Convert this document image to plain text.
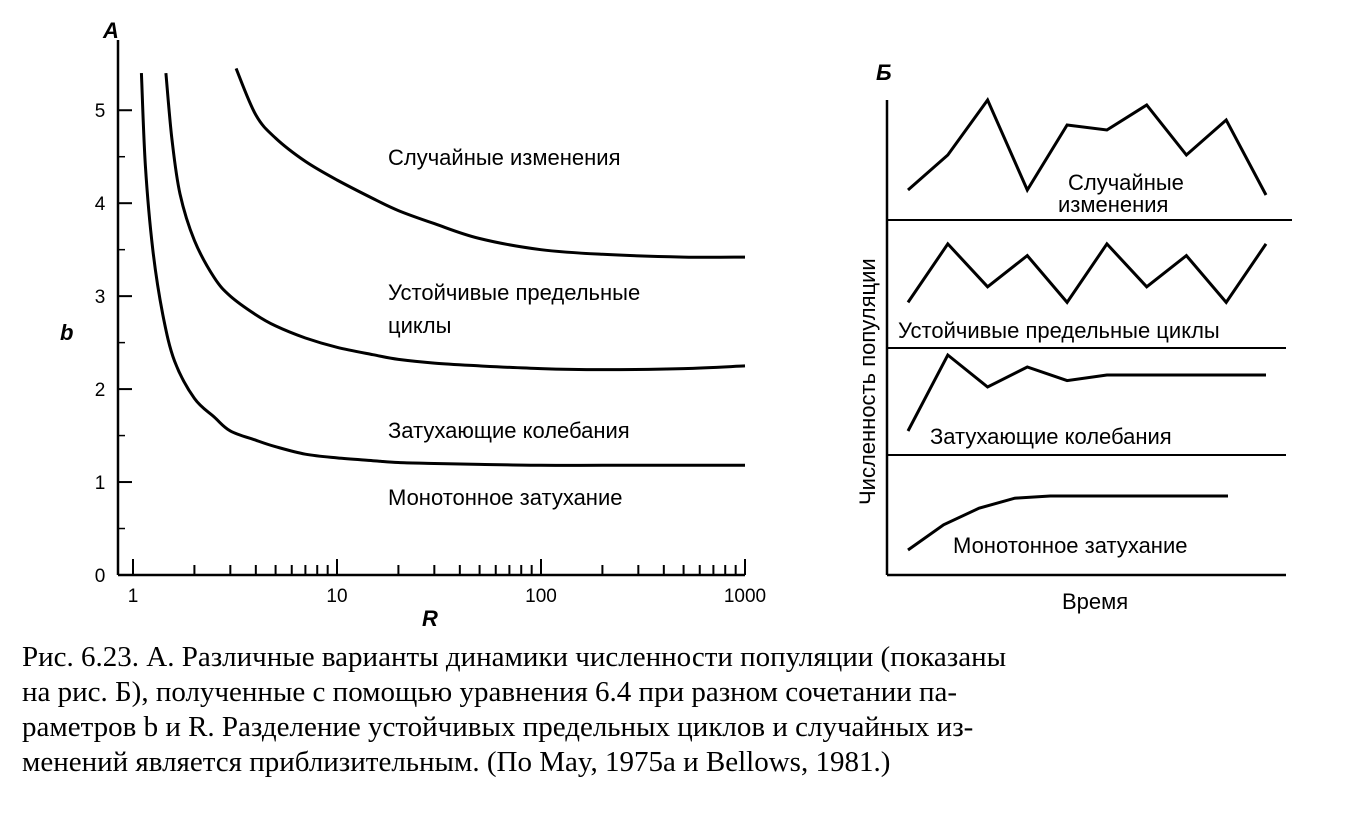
A
1	10	100	1000
0
1
2
3
4
5
R
b
Случайные изменения
Устойчивые предельные
циклы
Затухающие колебания
Монотонное затухание
Б
Случайные
изменения
Устойчивые предельные циклы
Затухающие колебания
Монотонное затухание
Время
Численность популяции
Рис. 6.23. А. Различные варианты динамики численности популяции (показаны
на рис. Б), полученные с помощью уравнения 6.4 при разном сочетании па-
раметров b и R. Разделение устойчивых предельных циклов и случайных из-
менений является приблизительным. (По May, 1975а и Bellows, 1981.)
